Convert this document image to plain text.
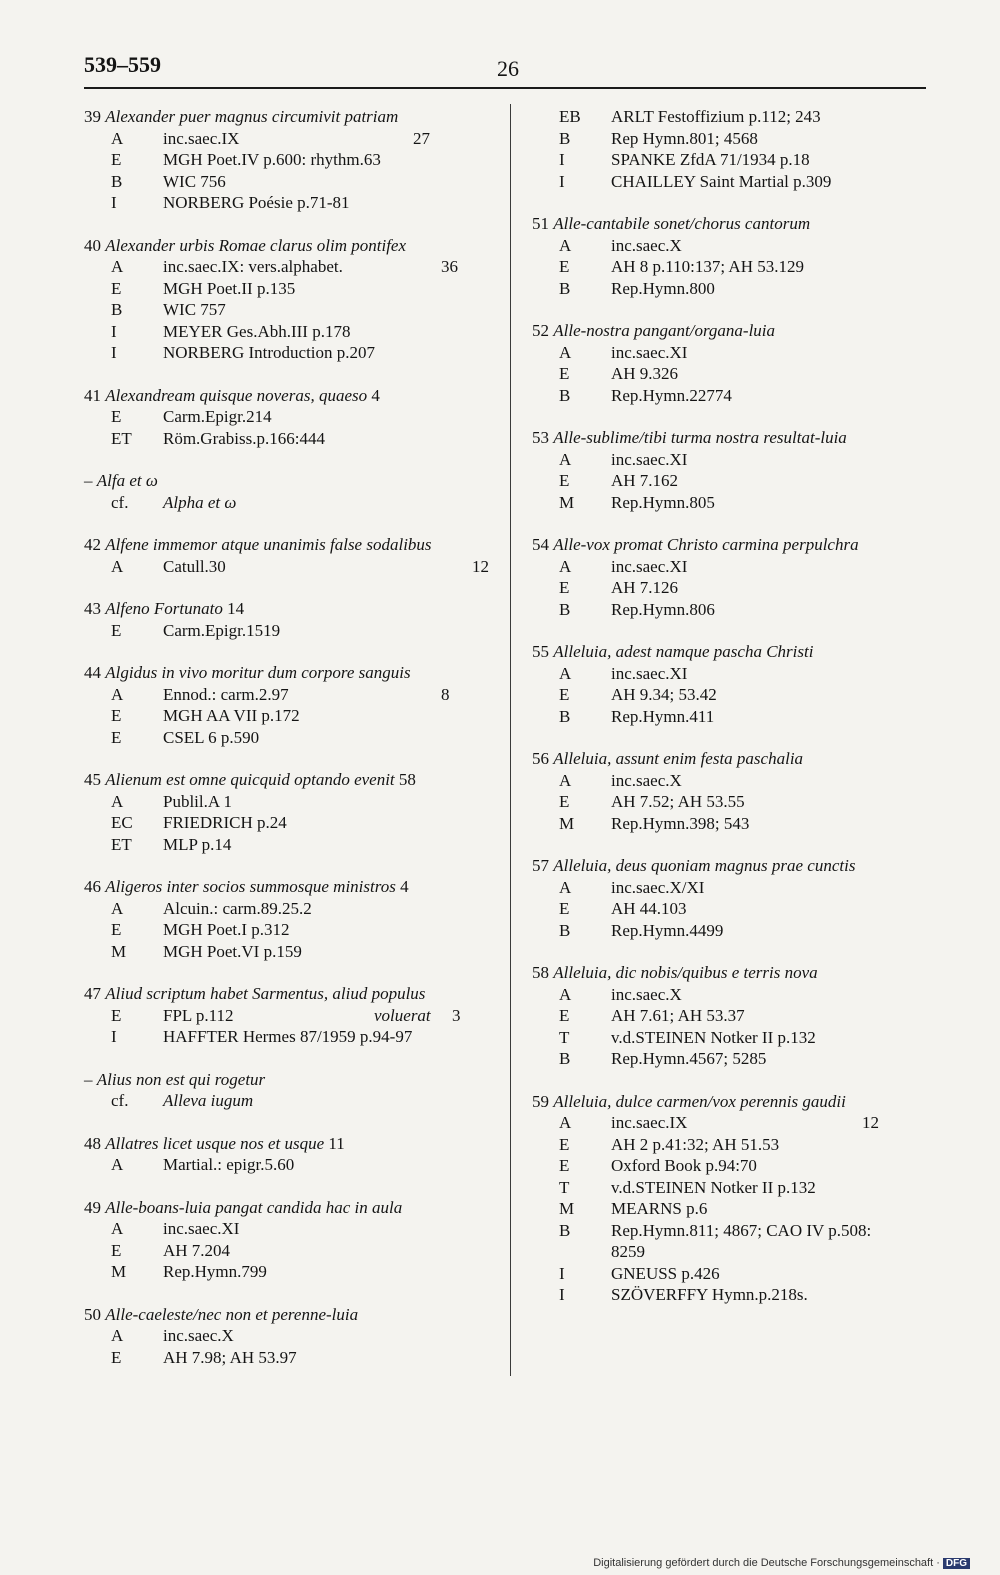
539–559	26
39 Alexander puer magnus circumivit patriam
A inc.saec.IX	27
E MGH Poet.IV p.600: rhythm.63
B WIC 756
I	NORBERG Poésie p.71-81
40 Alexander urbis Romae clarus olim pontifex
A inc.saec.IX: vers.alphabet.	36
E MGH Poet.II p.135
B WIC 757
I	MEYER Ges.Abh.III p.178
I	NORBERG Introduction p.207
41 Alexandream quisque noveras, quaeso 4
E Carm.Epigr.214
ET Röm.Grabiss.p.166:444
– Alfa et ω
cf. Alpha et ω
42 Alfene immemor atque unanimis false sodalibus
A Catull.30	12
43 Alfeno Fortunato 14
E Carm.Epigr.1519
44 Algidus in vivo moritur dum corpore sanguis
A Ennod.: carm.2.97	8
E MGH AA VII p.172
E CSEL 6 p.590
45 Alienum est omne quicquid optando evenit 58
A Publil.A 1
EC FRIEDRICH p.24
ET MLP p.14
46 Aligeros inter socios summosque ministros 4
A Alcuin.: carm.89.25.2
E MGH Poet.I p.312
M MGH Poet.VI p.159
47 Aliud scriptum habet Sarmentus, aliud populus
E FPL p.112	voluerat 3
I	HAFFTER Hermes 87/1959 p.94-97
– Alius non est qui rogetur
cf. Alleva iugum
48 Allatres licet usque nos et usque 11
A Martial.: epigr.5.60
49 Alle-boans-luia pangat candida hac in aula
A inc.saec.XI
E AH 7.204
M Rep.Hymn.799
50 Alle-caeleste/nec non et perenne-luia
A inc.saec.X
E AH 7.98; AH 53.97
EB ARLT Festoffizium p.112; 243
B Rep Hymn.801; 4568
I	SPANKE ZfdA 71/1934 p.18
I	CHAILLEY Saint Martial p.309
51 Alle-cantabile sonet/chorus cantorum
A inc.saec.X
E AH 8 p.110:137; AH 53.129
B Rep.Hymn.800
52 Alle-nostra pangant/organa-luia
A inc.saec.XI
E AH 9.326
B Rep.Hymn.22774
53 Alle-sublime/tibi turma nostra resultat-luia
A inc.saec.XI
E AH 7.162
M Rep.Hymn.805
54 Alle-vox promat Christo carmina perpulchra
A inc.saec.XI
E AH 7.126
B Rep.Hymn.806
55 Alleluia, adest namque pascha Christi
A inc.saec.XI
E AH 9.34; 53.42
B Rep.Hymn.411
56 Alleluia, assunt enim festa paschalia
A inc.saec.X
E AH 7.52; AH 53.55
M Rep.Hymn.398; 543
57 Alleluia, deus quoniam magnus prae cunctis
A inc.saec.X/XI
E AH 44.103
B Rep.Hymn.4499
58 Alleluia, dic nobis/quibus e terris nova
A inc.saec.X
E AH 7.61; AH 53.37
T v.d.STEINEN Notker II p.132
B Rep.Hymn.4567; 5285
59 Alleluia, dulce carmen/vox perennis gaudii
A inc.saec.IX	12
E AH 2 p.41:32; AH 51.53
E Oxford Book p.94:70
T v.d.STEINEN Notker II p.132
M MEARNS p.6
B Rep.Hymn.811; 4867; CAO IV p.508:
8259
I	GNEUSS p.426
I	SZÖVERFFY Hymn.p.218s.
Digitalisierung gefördert durch die Deutsche Forschungsgemeinschaft · DFG
